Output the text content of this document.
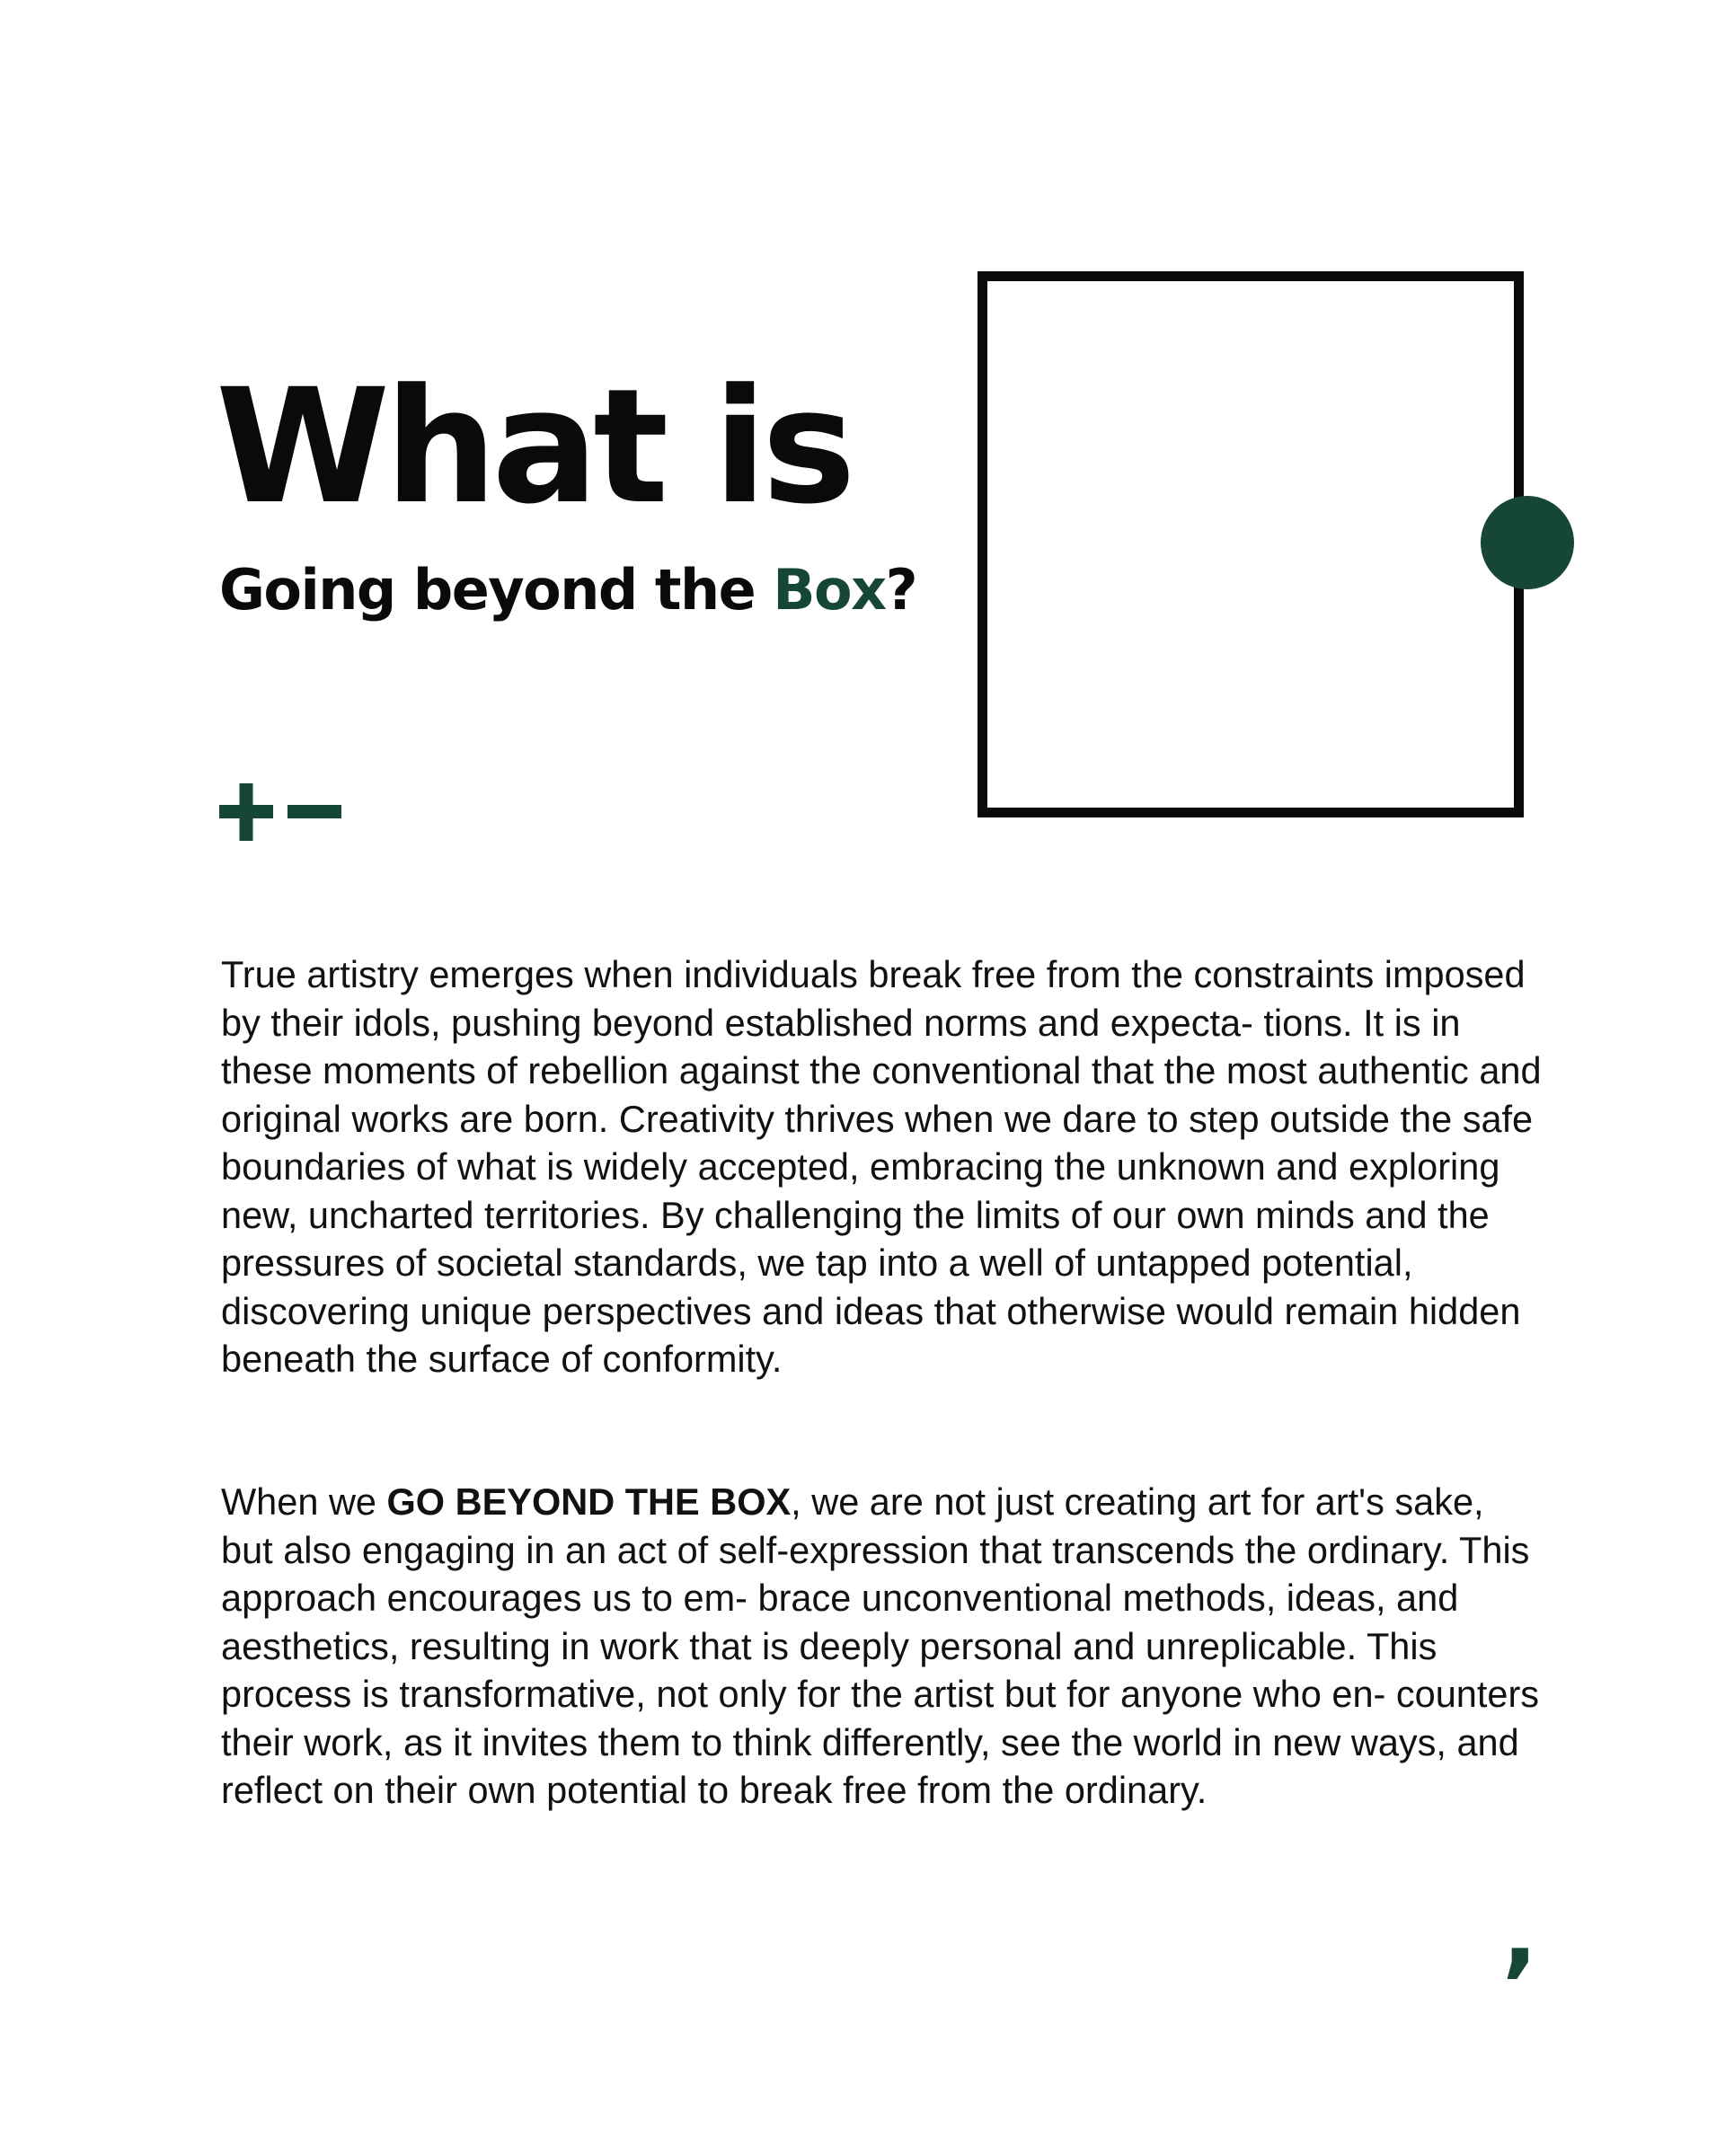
What is
Going beyond the Box?

True artistry emerges when individuals break free from the constraints imposed by their idols, pushing beyond established norms and expecta- tions. It is in these moments of rebellion against the conventional that the most authentic and original works are born. Creativity thrives when we dare to step outside the safe boundaries of what is widely accepted, embracing the unknown and exploring new, uncharted territories. By challenging the limits of our own minds and the pressures of societal standards, we tap into a well of untapped potential, discovering unique perspectives and ideas that otherwise would remain hidden beneath the surface of conformity.

When we GO BEYOND THE BOX, we are not just creating art for art's sake, but also engaging in an act of self-expression that transcends the ordinary. This approach encourages us to em- brace unconventional methods, ideas, and aesthetics, resulting in work that is deeply personal and unreplicable. This process is transformative, not only for the artist but for anyone who en- counters their work, as it invites them to think differently, see the world in new ways, and reflect on their own potential to break free from the ordinary.

,
